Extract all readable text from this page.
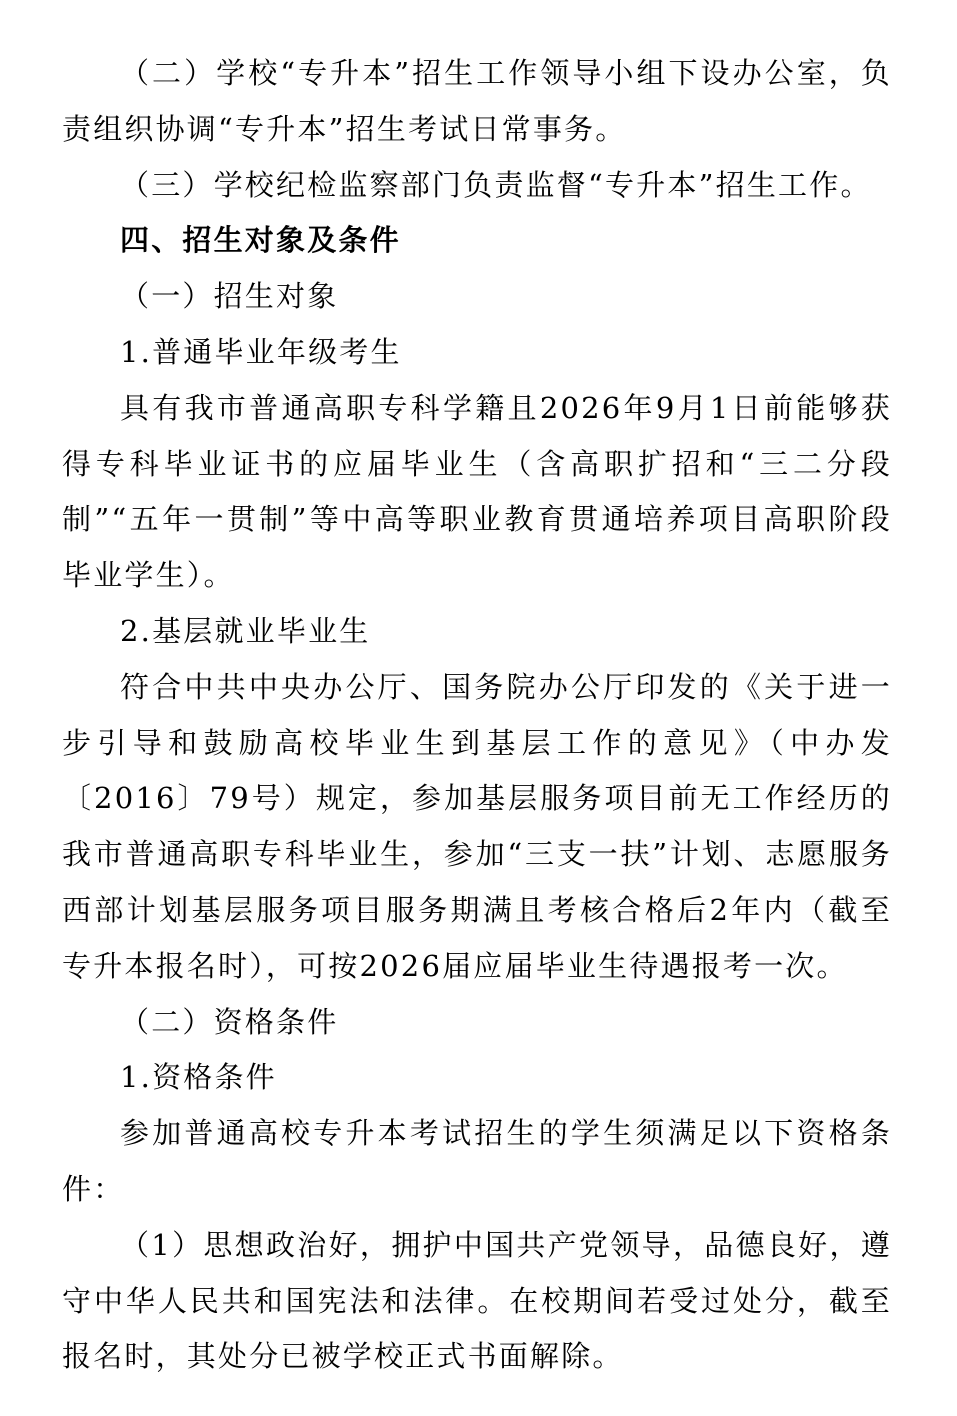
（二）学校“专升本”招生工作领导小组下设办公室，负责组织协调“专升本”招生考试日常事务。

（三）学校纪检监察部门负责监督“专升本”招生工作。

四、招生对象及条件

（一）招生对象

1.普通毕业年级考生

具有我市普通高职专科学籍且2026年9月1日前能够获得专科毕业证书的应届毕业生（含高职扩招和“三二分段制”“五年一贯制”等中高等职业教育贯通培养项目高职阶段毕业学生）。

2.基层就业毕业生

符合中共中央办公厅、国务院办公厅印发的《关于进一步引导和鼓励高校毕业生到基层工作的意见》（中办发〔2016〕79号）规定，参加基层服务项目前无工作经历的我市普通高职专科毕业生，参加“三支一扶”计划、志愿服务西部计划基层服务项目服务期满且考核合格后2年内（截至专升本报名时），可按2026届应届毕业生待遇报考一次。

（二）资格条件

1.资格条件

参加普通高校专升本考试招生的学生须满足以下资格条件：

（1）思想政治好，拥护中国共产党领导，品德良好，遵守中华人民共和国宪法和法律。在校期间若受过处分，截至报名时，其处分已被学校正式书面解除。
